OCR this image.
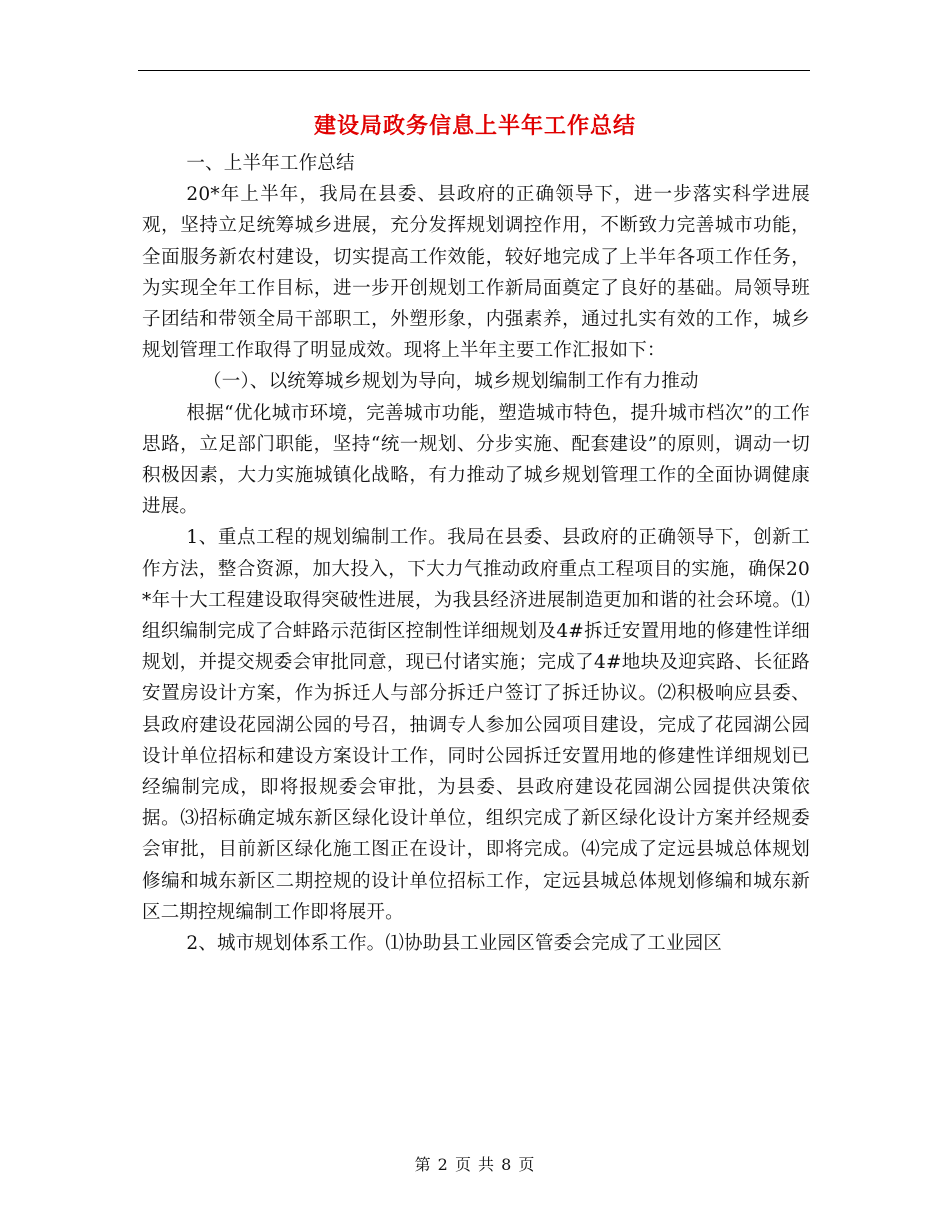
建设局政务信息上半年工作总结

一、上半年工作总结

20*年上半年，我局在县委、县政府的正确领导下，进一步落实科学进展观，坚持立足统筹城乡进展，充分发挥规划调控作用，不断致力完善城市功能，全面服务新农村建设，切实提高工作效能，较好地完成了上半年各项工作任务，为实现全年工作目标，进一步开创规划工作新局面奠定了良好的基础。局领导班子团结和带领全局干部职工，外塑形象，内强素养，通过扎实有效的工作，城乡规划管理工作取得了明显成效。现将上半年主要工作汇报如下：

（一）、以统筹城乡规划为导向，城乡规划编制工作有力推动

根据“优化城市环境，完善城市功能，塑造城市特色，提升城市档次”的工作思路，立足部门职能，坚持“统一规划、分步实施、配套建设”的原则，调动一切积极因素，大力实施城镇化战略，有力推动了城乡规划管理工作的全面协调健康进展。

1、重点工程的规划编制工作。我局在县委、县政府的正确领导下，创新工作方法，整合资源，加大投入，下大力气推动政府重点工程项目的实施，确保20*年十大工程建设取得突破性进展，为我县经济进展制造更加和谐的社会环境。⑴组织编制完成了合蚌路示范街区控制性详细规划及4#拆迁安置用地的修建性详细规划，并提交规委会审批同意，现已付诸实施；完成了4#地块及迎宾路、长征路安置房设计方案，作为拆迁人与部分拆迁户签订了拆迁协议。⑵积极响应县委、县政府建设花园湖公园的号召，抽调专人参加公园项目建设，完成了花园湖公园设计单位招标和建设方案设计工作，同时公园拆迁安置用地的修建性详细规划已经编制完成，即将报规委会审批，为县委、县政府建设花园湖公园提供决策依据。⑶招标确定城东新区绿化设计单位，组织完成了新区绿化设计方案并经规委会审批，目前新区绿化施工图正在设计，即将完成。⑷完成了定远县城总体规划修编和城东新区二期控规的设计单位招标工作，定远县城总体规划修编和城东新区二期控规编制工作即将展开。

2、城市规划体系工作。⑴协助县工业园区管委会完成了工业园区

第 2 页 共 8 页
